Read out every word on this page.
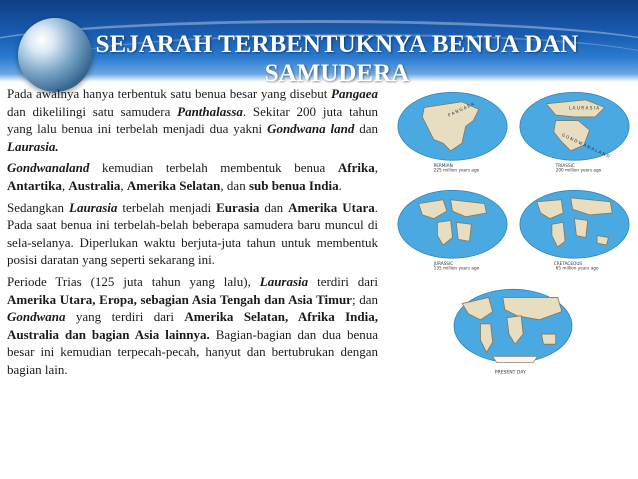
SEJARAH TERBENTUKNYA BENUA DAN SAMUDERA

Pada awalnya hanya terbentuk satu benua besar yang disebut Pangaea dan dikelilingi satu samudera Panthalassa. Sekitar 200 juta tahun yang lalu benua ini terbelah menjadi dua yakni Gondwana land dan Laurasia.

Gondwanaland kemudian terbelah membentuk benua Afrika, Antartika, Australia, Amerika Selatan, dan sub benua India.

Sedangkan Laurasia terbelah menjadi Eurasia dan Amerika Utara. Pada saat benua ini terbelah-belah beberapa samudera baru muncul di sela-selanya. Diperlukan waktu berjuta-juta tahun untuk membentuk posisi daratan yang seperti sekarang ini.

Periode Trias (125 juta tahun yang lalu), Laurasia terdiri dari Amerika Utara, Eropa, sebagian Asia Tengah dan Asia Timur; dan Gondwana yang terdiri dari Amerika Selatan, Afrika India, Australia dan bagian Asia lainnya. Bagian-bagian dan dua benua besar ini kemudian terpecah-pecah, hanyut dan bertubrukan dengan bagian lain.

P A N G A E A
PERMIAN
225 million years ago
L A U R A S I A
G O N D W A N A L A N D
TRIASSIC
200 million years ago
JURASSIC
135 million years ago
CRETACEOUS
65 million years ago
PRESENT DAY
